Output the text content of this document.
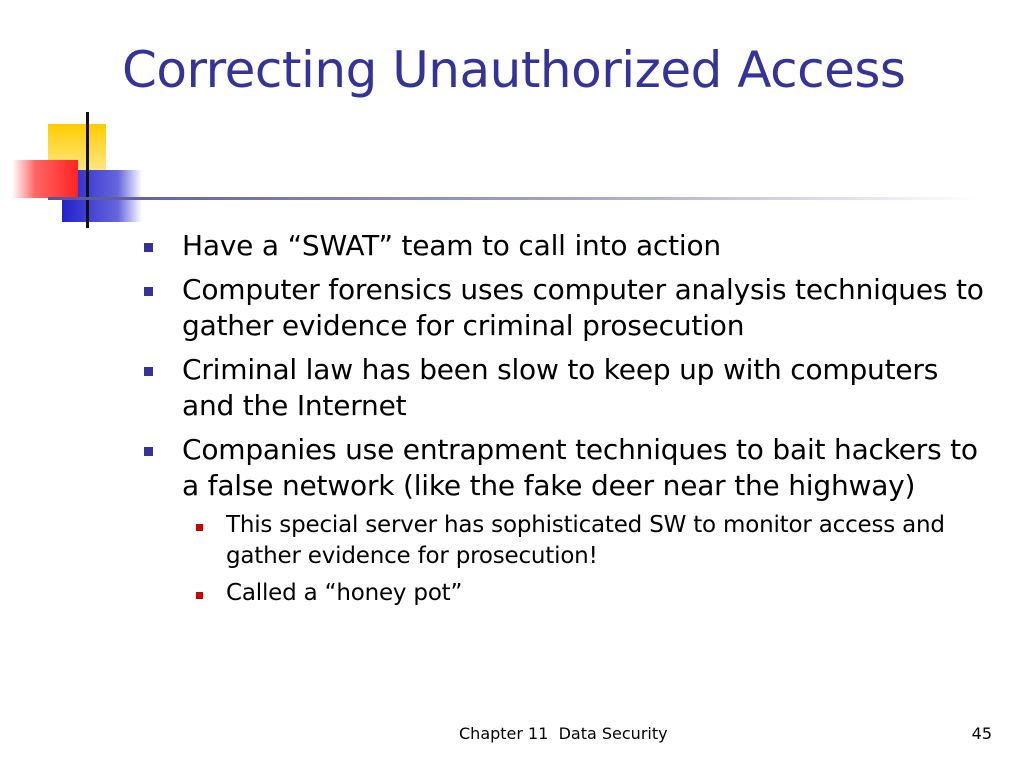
Correcting Unauthorized Access
Have a “SWAT” team to call into action
Computer forensics uses computer analysis techniques to gather evidence for criminal prosecution
Criminal law has been slow to keep up with computers and the Internet
Companies use entrapment techniques to bait hackers to a false network (like the fake deer near the highway)
This special server has sophisticated SW to monitor access and gather evidence for prosecution!
Called a “honey pot”
Chapter 11  Data Security	45
